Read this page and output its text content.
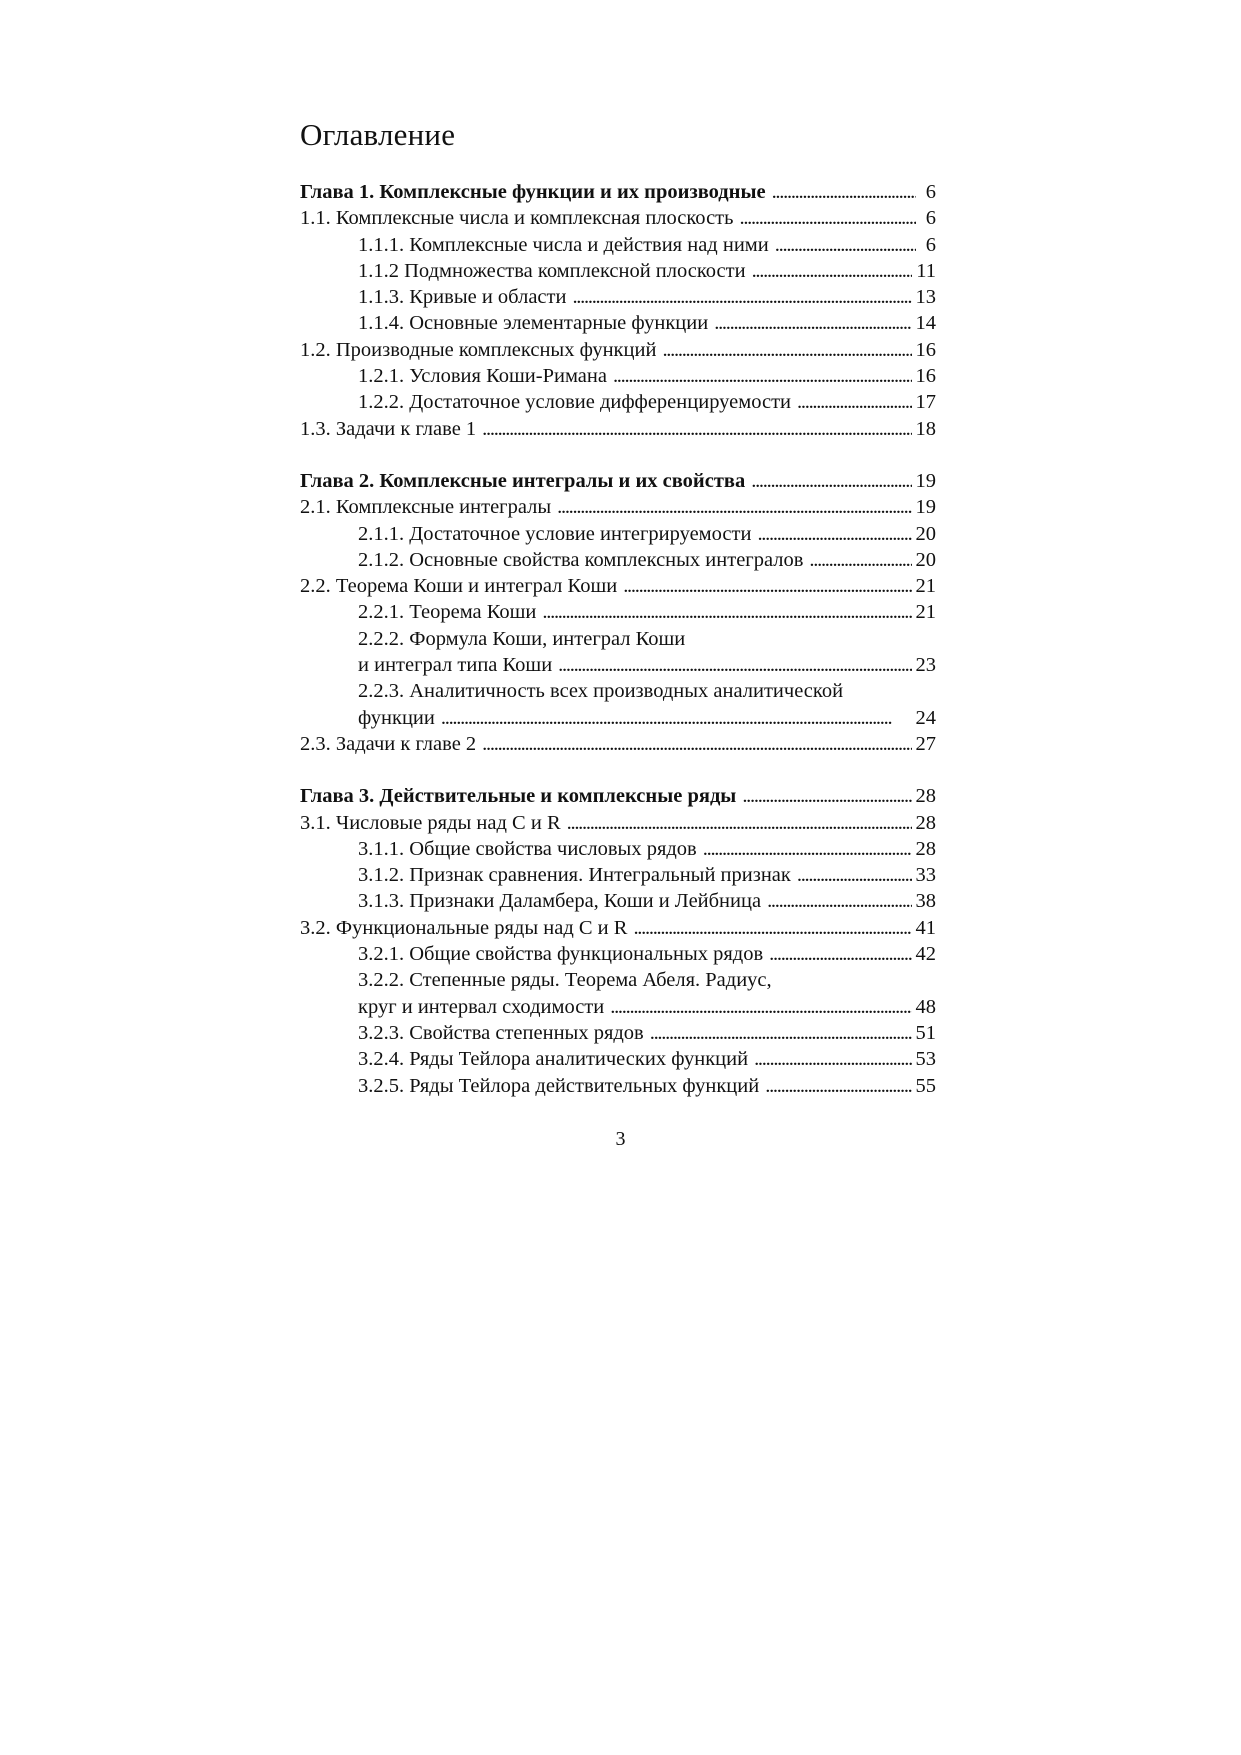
Оглавление
Глава 1. Комплексные функции и их производные . . .	6
1.1. Комплексные числа и комплексная плоскость . . .	6
1.1.1. Комплексные числа и действия над ними . . .	6
1.1.2 Подмножества комплексной плоскости . . .	11
1.1.3. Кривые и области . . .	13
1.1.4. Основные элементарные функции . . .	14
1.2. Производные комплексных функций . . .	16
1.2.1. Условия Коши-Римана . . .	16
1.2.2. Достаточное условие дифференцируемости . . .	17
1.3. Задачи к главе 1 . . .	18
Глава 2. Комплексные интегралы и их свойства . . .	19
2.1. Комплексные интегралы . . .	19
2.1.1. Достаточное условие интегрируемости . . .	20
2.1.2. Основные свойства комплексных интегралов . . .	20
2.2. Теорема Коши и интеграл Коши . . .	21
2.2.1. Теорема Коши . . .	21
2.2.2. Формула Коши, интеграл Коши
и интеграл типа Коши . . .	23
2.2.3. Аналитичность всех производных аналитической
функции . . .	24
2.3. Задачи к главе 2 . . .	27
Глава 3. Действительные и комплексные ряды . . .	28
3.1. Числовые ряды над C и R . . .	28
3.1.1. Общие свойства числовых рядов . . .	28
3.1.2. Признак сравнения. Интегральный признак . . .	33
3.1.3. Признаки Даламбера, Коши и Лейбница . . .	38
3.2. Функциональные ряды над C и R . . .	41
3.2.1. Общие свойства функциональных рядов . . .	42
3.2.2. Степенные ряды. Теорема Абеля. Радиус,
круг и интервал сходимости . . .	48
3.2.3. Свойства степенных рядов . . .	51
3.2.4. Ряды Тейлора аналитических функций . . .	53
3.2.5. Ряды Тейлора действительных функций . . .	55
3
